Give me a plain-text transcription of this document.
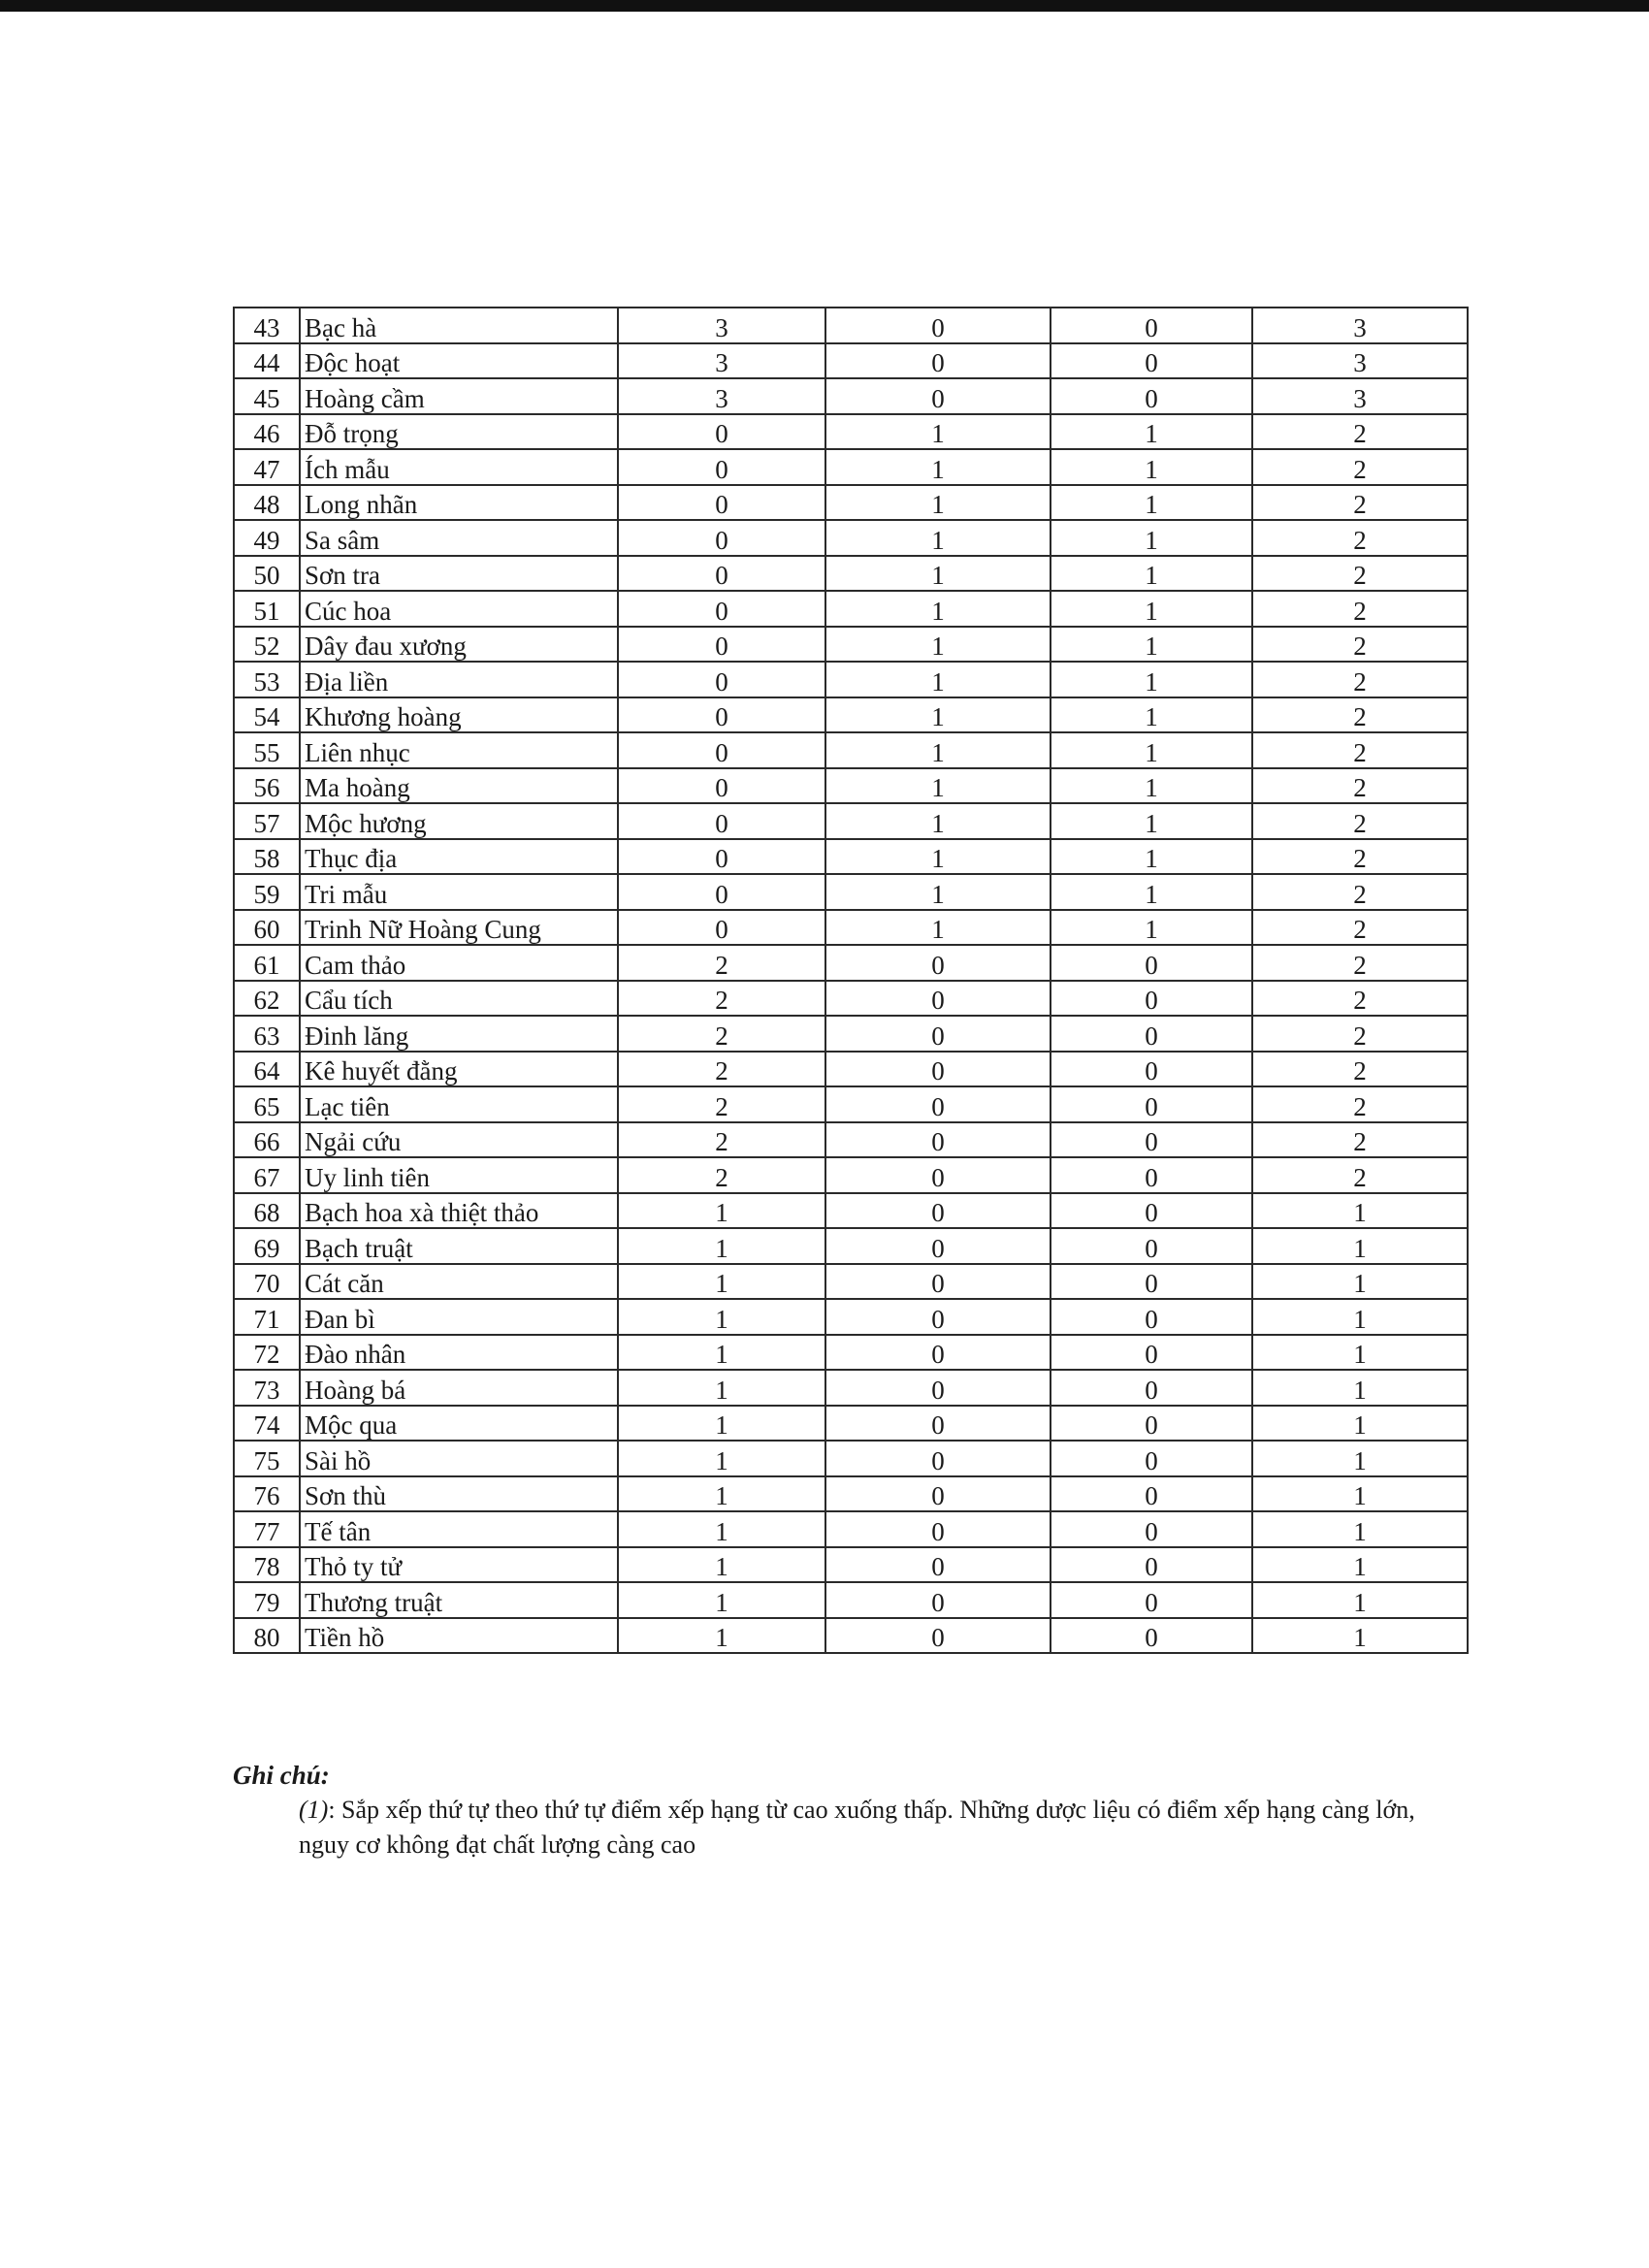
43	Bạc hà	3	0	0	3
44	Độc hoạt	3	0	0	3
45	Hoàng cầm	3	0	0	3
46	Đỗ trọng	0	1	1	2
47	Ích mẫu	0	1	1	2
48	Long nhãn	0	1	1	2
49	Sa sâm	0	1	1	2
50	Sơn tra	0	1	1	2
51	Cúc hoa	0	1	1	2
52	Dây đau xương	0	1	1	2
53	Địa liền	0	1	1	2
54	Khương hoàng	0	1	1	2
55	Liên nhục	0	1	1	2
56	Ma hoàng	0	1	1	2
57	Mộc hương	0	1	1	2
58	Thục địa	0	1	1	2
59	Tri mẫu	0	1	1	2
60	Trinh Nữ Hoàng Cung	0	1	1	2
61	Cam thảo	2	0	0	2
62	Cẩu tích	2	0	0	2
63	Đinh lăng	2	0	0	2
64	Kê huyết đằng	2	0	0	2
65	Lạc tiên	2	0	0	2
66	Ngải cứu	2	0	0	2
67	Uy linh tiên	2	0	0	2
68	Bạch hoa xà thiệt thảo	1	0	0	1
69	Bạch truật	1	0	0	1
70	Cát căn	1	0	0	1
71	Đan bì	1	0	0	1
72	Đào nhân	1	0	0	1
73	Hoàng bá	1	0	0	1
74	Mộc qua	1	0	0	1
75	Sài hồ	1	0	0	1
76	Sơn thù	1	0	0	1
77	Tế tân	1	0	0	1
78	Thỏ ty tử	1	0	0	1
79	Thương truật	1	0	0	1
80	Tiền hồ	1	0	0	1
Ghi chú:
(1): Sắp xếp thứ tự theo thứ tự điểm xếp hạng từ cao xuống thấp. Những dược liệu có điểm xếp hạng càng lớn, nguy cơ không đạt chất lượng càng cao
